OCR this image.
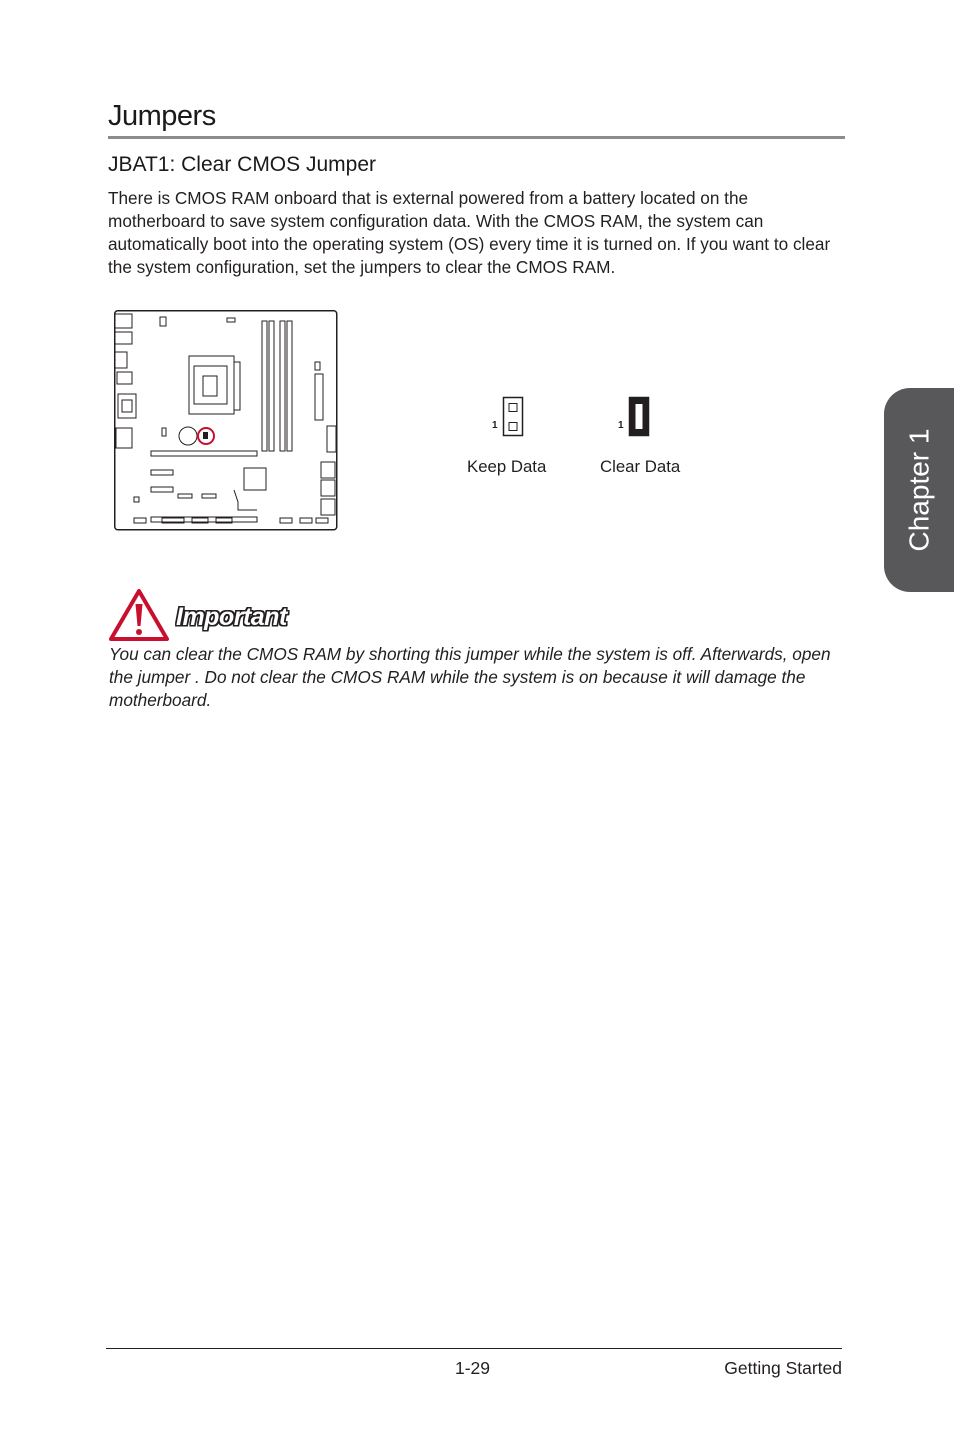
Chapter 1
Jumpers
JBAT1: Clear CMOS Jumper

There is CMOS RAM onboard that is external powered from a battery located on the motherboard to save system configuration data. With the CMOS RAM, the system can automatically boot into the operating system (OS) every time it is turned on. If you want to clear the system configuration, set the jumpers to clear the CMOS RAM.

1
Keep Data
1
Clear Data
Important

You can clear the CMOS RAM by shorting this jumper while the system is off. Afterwards, open the jumper . Do not clear the CMOS RAM while the system is on because it will damage the motherboard.

1-29	Getting Started
